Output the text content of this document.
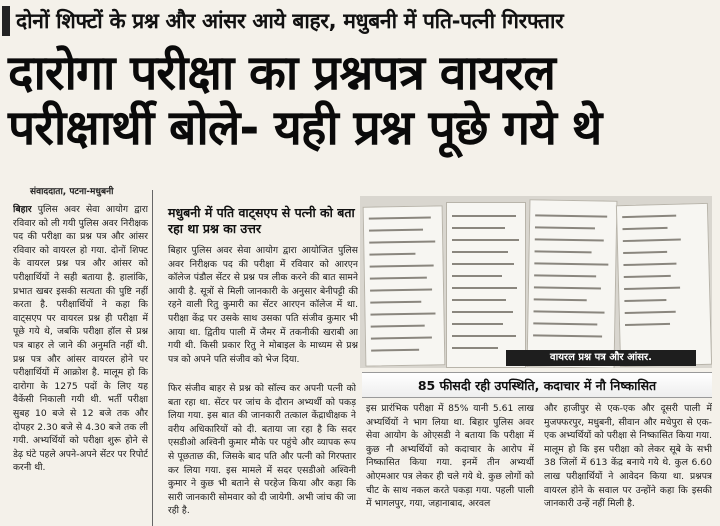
दोनों शिफ्टों के प्रश्न और आंसर आये बाहर, मधुबनी में पति-पत्नी गिरफ्तार
दारोगा परीक्षा का प्रश्नपत्र वायरल
परीक्षार्थी बोले- यही प्रश्न पूछे गये थे
संवाददाता, पटना-मधुबनी
बिहार पुलिस अवर सेवा आयोग द्वारा रविवार को ली गयी पुलिस अवर निरीक्षक पद की परीक्षा का प्रश्न पत्र और आंसर रविवार को वायरल हो गया. दोनों शिफ्ट के वायरल प्रश्न पत्र और आंसर को परीक्षार्थियों ने सही बताया है. हालांकि, प्रभात खबर इसकी सत्यता की पुष्टि नहीं करता है. परीक्षार्थियों ने कहा कि वाट्सएप पर वायरल प्रश्न ही परीक्षा में पूछे गये थे, जबकि परीक्षा हॉल से प्रश्न पत्र बाहर ले जाने की अनुमति नहीं थी. प्रश्न पत्र और आंसर वायरल होने पर परीक्षार्थियों में आक्रोश है. मालूम हो कि दारोगा के 1275 पदों के लिए यह वैकेंसी निकाली गयी थी. भर्ती परीक्षा सुबह 10 बजे से 12 बजे तक और दोपहर 2.30 बजे से 4.30 बजे तक ली गयी. अभ्यर्थियों को परीक्षा शुरू होने से डेढ़ घंटे पहले अपने-अपने सेंटर पर रिपोर्ट करनी थी.
मधुबनी में पति वाट्सएप से पत्नी को बता रहा था प्रश्न का उत्तर
बिहार पुलिस अवर सेवा आयोग द्वारा आयोजित पुलिस अवर निरीक्षक पद की परीक्षा में रविवार को आरएन कॉलेज पंडौल सेंटर से प्रश्न पत्र लीक करने की बात सामने आयी है. सूत्रों से मिली जानकारी के अनुसार बेनीपट्टी की रहने वाली रितु कुमारी का सेंटर आरएन कॉलेज में था. परीक्षा केंद्र पर उसके साथ उसका पति संजीव कुमार भी आया था. द्वितीय पाली में जैमर में तकनीकी खराबी आ गयी थी. किसी प्रकार रितु ने मोबाइल के माध्यम से प्रश्न पत्र को अपने पति संजीव को भेज दिया.
फिर संजीव बाहर से प्रश्न को सॉल्व कर अपनी पत्नी को बता रहा था. सेंटर पर जांच के दौरान अभ्यर्थी को पकड़ लिया गया. इस बात की जानकारी तत्काल केंद्राधीक्षक ने वरीय अधिकारियों को दी. बताया जा रहा है कि सदर एसडीओ अश्विनी कुमार मौके पर पहुंचे और व्यापक रूप से पूछताछ की, जिसके बाद पति और पत्नी को गिरफ्तार कर लिया गया. इस मामले में सदर एसडीओ अश्विनी कुमार ने कुछ भी बताने से परहेज किया और कहा कि सारी जानकारी सोमवार को दी जायेगी. अभी जांच की जा रही है.
वायरल प्रश्न पत्र और आंसर.
85 फीसदी रही उपस्थिति, कदाचार में नौ निष्कासित
इस प्रारंभिक परीक्षा में 85% यानी 5.61 लाख अभ्यर्थियों ने भाग लिया था. बिहार पुलिस अवर सेवा आयोग के ओएसडी ने बताया कि परीक्षा में कुछ नौ अभ्यर्थियों को कदाचार के आरोप में निष्कासित किया गया. इनमें तीन अभ्यर्थी ओएमआर पत्र लेकर ही चले गये थे. कुछ लोगों को चीट के साथ नकल करते पकड़ा गया. पहली पाली में भागलपुर, गया, जहानाबाद, अरवल
और हाजीपुर से एक-एक और दूसरी पाली में मुजफ्फरपुर, मधुबनी, सीवान और मधेपुरा से एक-एक अभ्यर्थियों को परीक्षा से निष्कासित किया गया. मालूम हो कि इस परीक्षा को लेकर सूबे के सभी 38 जिलों में 613 केंद्र बनाये गये थे. कुल 6.60 लाख परीक्षार्थियों ने आवेदन किया था. प्रश्नपत्र वायरल होने के सवाल पर उन्होंने कहा कि इसकी जानकारी उन्हें नहीं मिली है.
